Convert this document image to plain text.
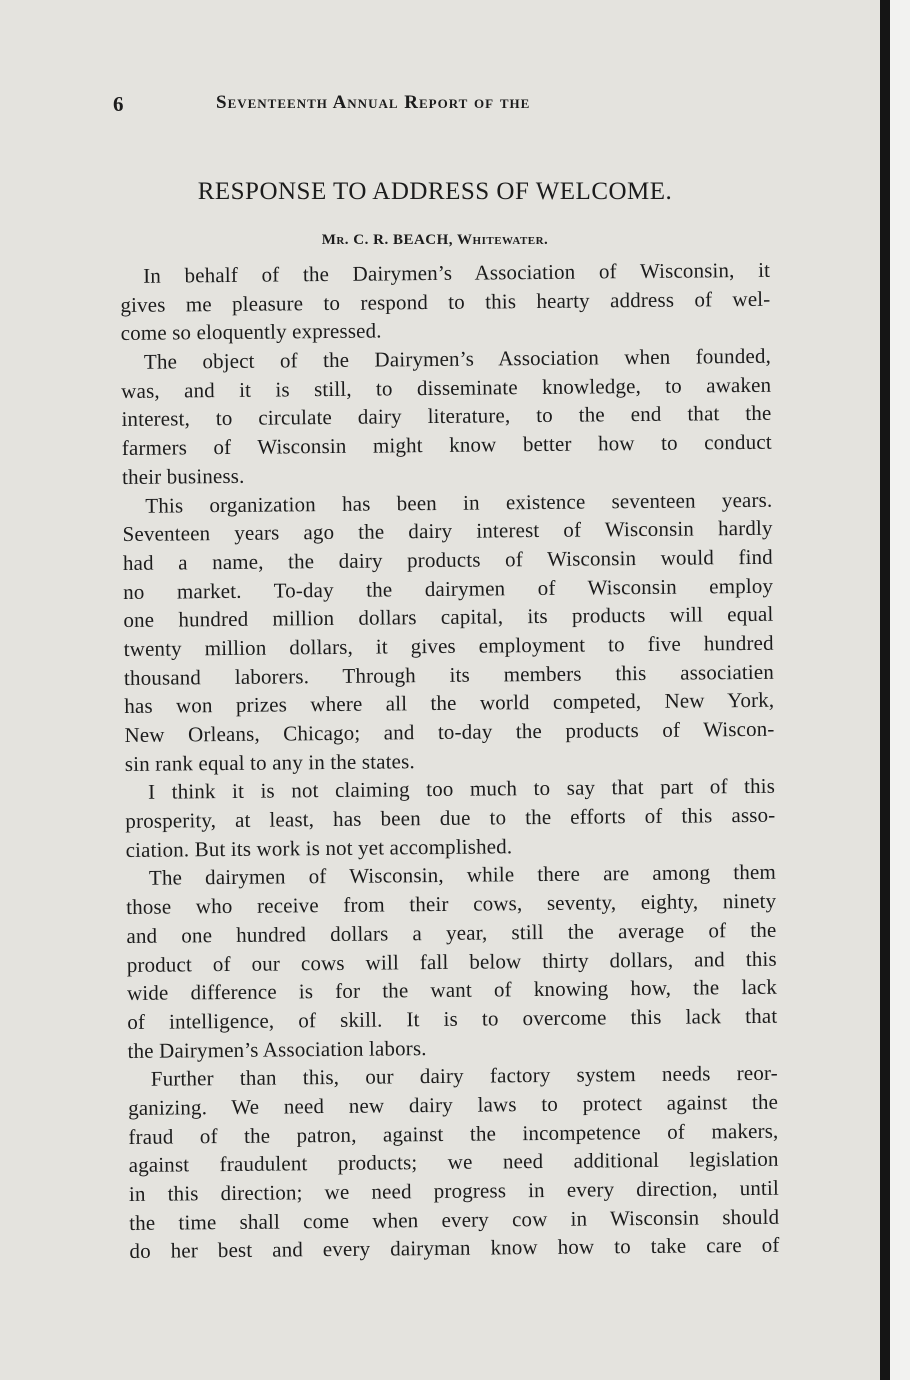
6	Seventeenth Annual Report of the
RESPONSE TO ADDRESS OF WELCOME.
Mr. C. R. BEACH, Whitewater.
In behalf of the Dairymen’s Association of Wisconsin, it
gives me pleasure to respond to this hearty address of wel-
come so eloquently expressed.
The object of the Dairymen’s Association when founded,
was, and it is still, to disseminate knowledge, to awaken
interest, to circulate dairy literature, to the end that the
farmers of Wisconsin might know better how to conduct
their business.
This organization has been in existence seventeen years.
Seventeen years ago the dairy interest of Wisconsin hardly
had a name, the dairy products of Wisconsin would find
no market. To-day the dairymen of Wisconsin employ
one hundred million dollars capital, its products will equal
twenty million dollars, it gives employment to five hundred
thousand laborers. Through its members this associatien
has won prizes where all the world competed, New York,
New Orleans, Chicago; and to-day the products of Wiscon-
sin rank equal to any in the states.
I think it is not claiming too much to say that part of this
prosperity, at least, has been due to the efforts of this asso-
ciation. But its work is not yet accomplished.
The dairymen of Wisconsin, while there are among them
those who receive from their cows, seventy, eighty, ninety
and one hundred dollars a year, still the average of the
product of our cows will fall below thirty dollars, and this
wide difference is for the want of knowing how, the lack
of intelligence, of skill. It is to overcome this lack that
the Dairymen’s Association labors.
Further than this, our dairy factory system needs reor-
ganizing. We need new dairy laws to protect against the
fraud of the patron, against the incompetence of makers,
against fraudulent products; we need additional legislation
in this direction; we need progress in every direction, until
the time shall come when every cow in Wisconsin should
do her best and every dairyman know how to take care of
